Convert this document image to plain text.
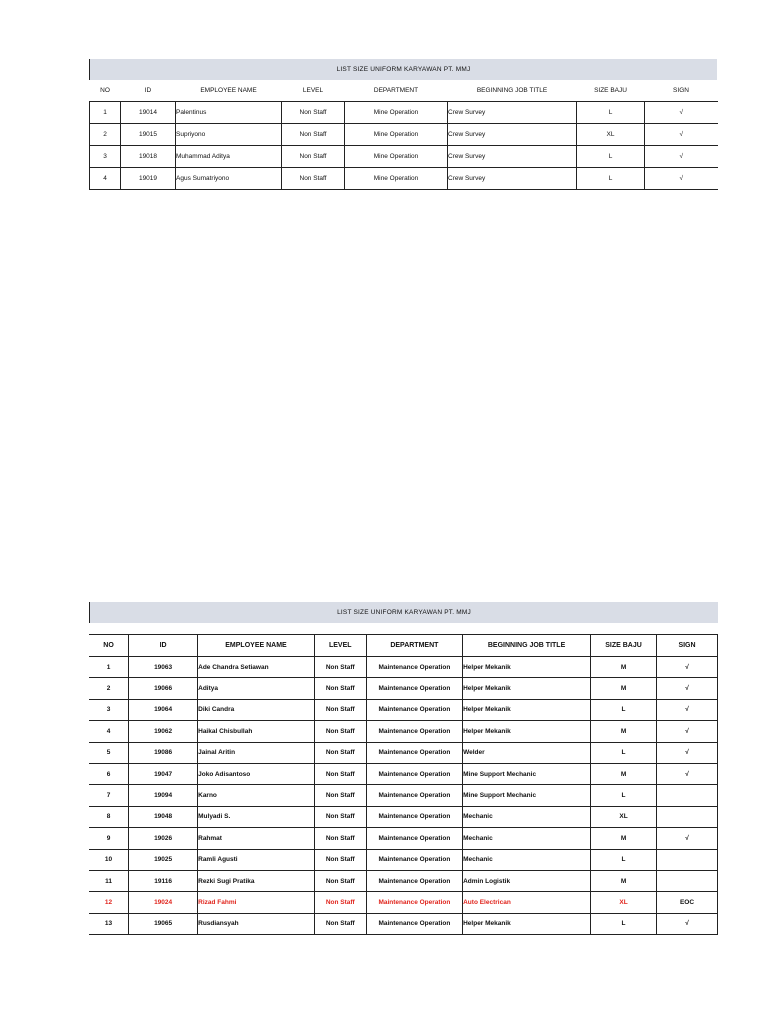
LIST SIZE UNIFORM KARYAWAN PT. MMJ
NO	ID	EMPLOYEE NAME	LEVEL	DEPARTMENT	BEGINNING JOB TITLE	SIZE BAJU	SIGN
1	19014	Palentinus	Non Staff	Mine Operation	Crew Survey	L	√
2	19015	Supriyono	Non Staff	Mine Operation	Crew Survey	XL	√
3	19018	Muhammad Aditya	Non Staff	Mine Operation	Crew Survey	L	√
4	19019	Agus Sumatriyono	Non Staff	Mine Operation	Crew Survey	L	√
LIST SIZE UNIFORM KARYAWAN PT. MMJ
NO	ID	EMPLOYEE NAME	LEVEL	DEPARTMENT	BEGINNING JOB TITLE	SIZE BAJU	SIGN
1	19063	Ade Chandra Setiawan	Non Staff	Maintenance Operation	Helper Mekanik	M	√
2	19066	Aditya	Non Staff	Maintenance Operation	Helper Mekanik	M	√
3	19064	Diki Candra	Non Staff	Maintenance Operation	Helper Mekanik	L	√
4	19062	Haikal Chisbullah	Non Staff	Maintenance Operation	Helper Mekanik	M	√
5	19086	Jainal Aritin	Non Staff	Maintenance Operation	Welder	L	√
6	19047	Joko Adisantoso	Non Staff	Maintenance Operation	Mine Support Mechanic	M	√
7	19094	Karno	Non Staff	Maintenance Operation	Mine Support Mechanic	L	
8	19048	Mulyadi S.	Non Staff	Maintenance Operation	Mechanic	XL	
9	19026	Rahmat	Non Staff	Maintenance Operation	Mechanic	M	√
10	19025	Ramli Agusti	Non Staff	Maintenance Operation	Mechanic	L	
11	19116	Rezki Sugi Pratika	Non Staff	Maintenance Operation	Admin Logistik	M	
12	19024	Rizad Fahmi	Non Staff	Maintenance Operation	Auto Electrican	XL	EOC
13	19065	Rusdiansyah	Non Staff	Maintenance Operation	Helper Mekanik	L	√
